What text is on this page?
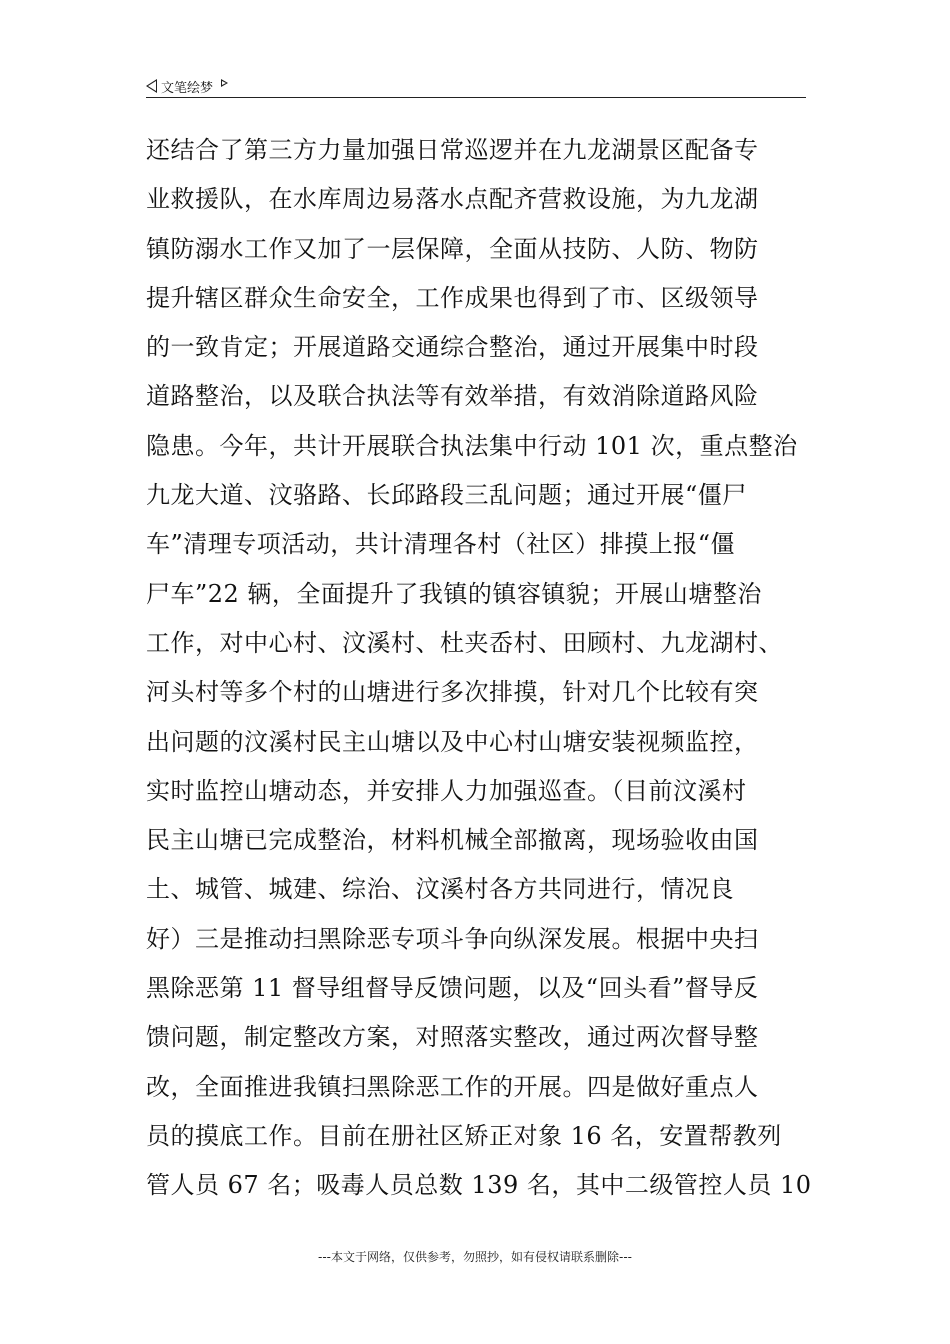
文笔绘梦
还结合了第三方力量加强日常巡逻并在九龙湖景区配备专
业救援队，在水库周边易落水点配齐营救设施，为九龙湖
镇防溺水工作又加了一层保障，全面从技防、人防、物防
提升辖区群众生命安全，工作成果也得到了市、区级领导
的一致肯定；开展道路交通综合整治，通过开展集中时段
道路整治，以及联合执法等有效举措，有效消除道路风险
隐患。今年，共计开展联合执法集中行动 101 次，重点整治
九龙大道、汶骆路、长邱路段三乱问题；通过开展“僵尸
车”清理专项活动，共计清理各村（社区）排摸上报“僵
尸车”22 辆，全面提升了我镇的镇容镇貌；开展山塘整治
工作，对中心村、汶溪村、杜夹岙村、田顾村、九龙湖村、
河头村等多个村的山塘进行多次排摸，针对几个比较有突
出问题的汶溪村民主山塘以及中心村山塘安装视频监控，
实时监控山塘动态，并安排人力加强巡查。（目前汶溪村
民主山塘已完成整治，材料机械全部撤离，现场验收由国
土、城管、城建、综治、汶溪村各方共同进行，情况良
好）三是推动扫黑除恶专项斗争向纵深发展。根据中央扫
黑除恶第 11 督导组督导反馈问题，以及“回头看”督导反
馈问题，制定整改方案，对照落实整改，通过两次督导整
改，全面推进我镇扫黑除恶工作的开展。四是做好重点人
员的摸底工作。目前在册社区矫正对象 16 名，安置帮教列
管人员 67 名；吸毒人员总数 139 名，其中二级管控人员 10
---本文于网络，仅供参考，勿照抄，如有侵权请联系删除---
